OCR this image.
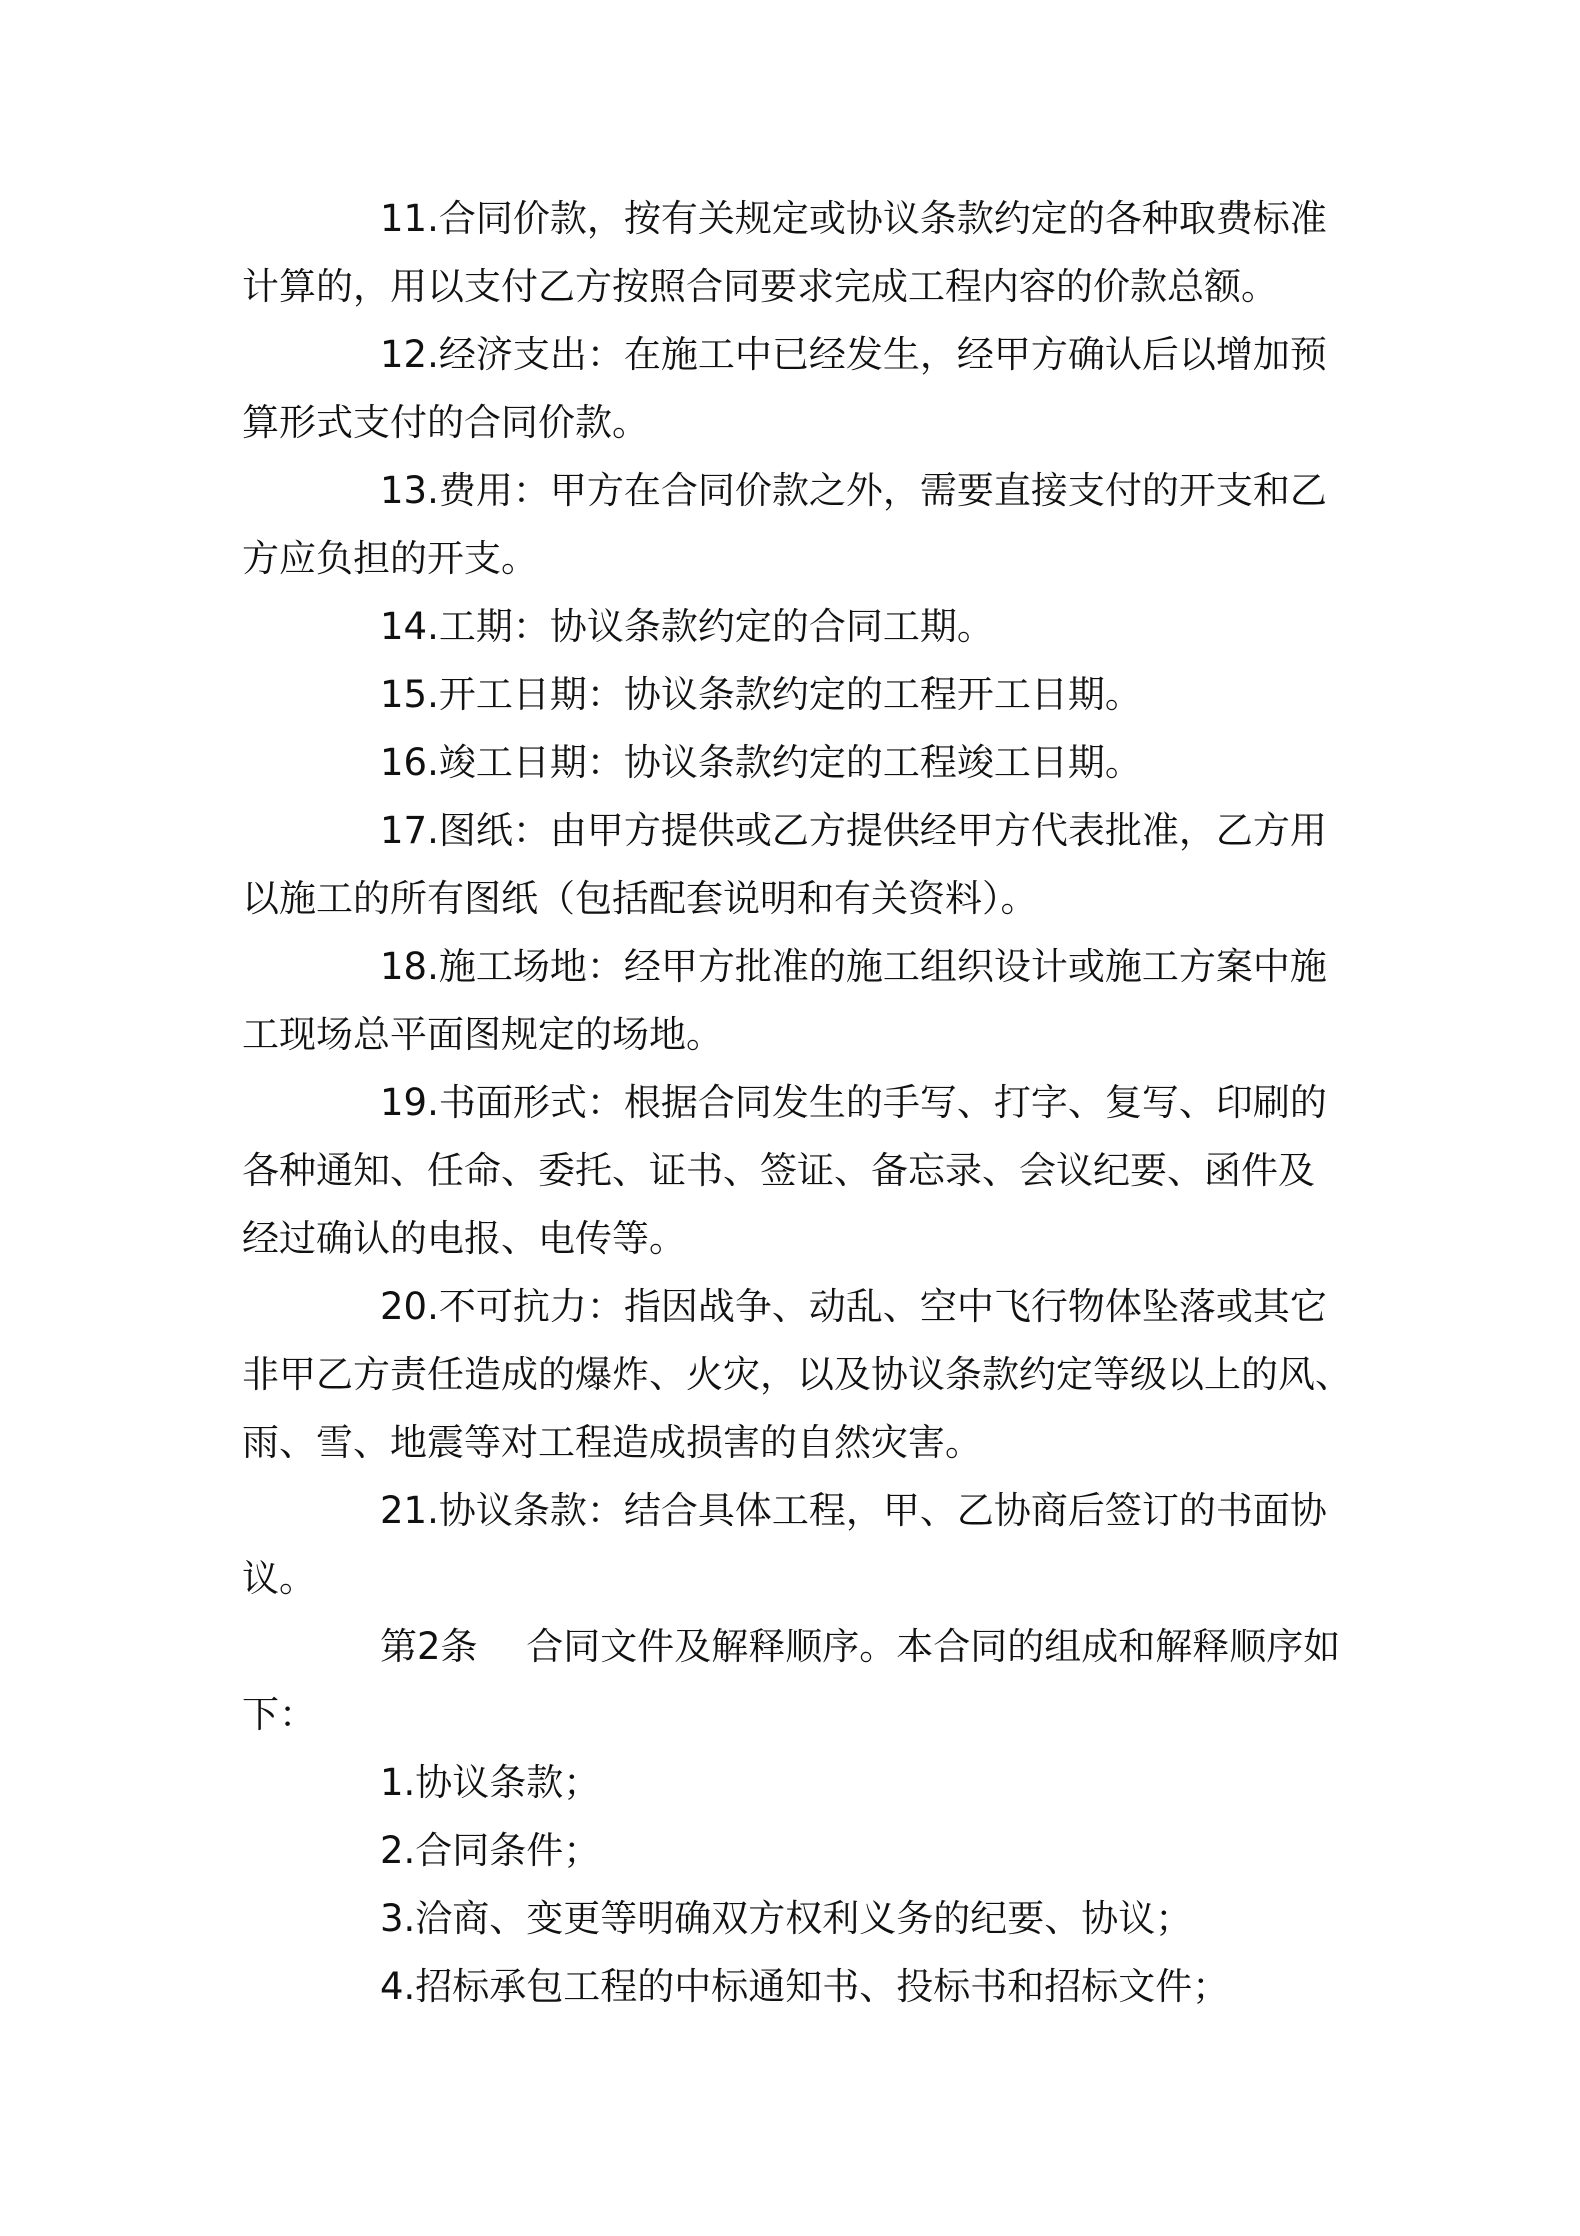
11.合同价款，按有关规定或协议条款约定的各种取费标准
计算的，用以支付乙方按照合同要求完成工程内容的价款总额。
12.经济支出：在施工中已经发生，经甲方确认后以增加预
算形式支付的合同价款。
13.费用：甲方在合同价款之外，需要直接支付的开支和乙
方应负担的开支。
14.工期：协议条款约定的合同工期。
15.开工日期：协议条款约定的工程开工日期。
16.竣工日期：协议条款约定的工程竣工日期。
17.图纸：由甲方提供或乙方提供经甲方代表批准，乙方用
以施工的所有图纸（包括配套说明和有关资料）。
18.施工场地：经甲方批准的施工组织设计或施工方案中施
工现场总平面图规定的场地。
19.书面形式：根据合同发生的手写、打字、复写、印刷的
各种通知、任命、委托、证书、签证、备忘录、会议纪要、函件及
经过确认的电报、电传等。
20.不可抗力：指因战争、动乱、空中飞行物体坠落或其它
非甲乙方责任造成的爆炸、火灾，以及协议条款约定等级以上的风、
雨、雪、地震等对工程造成损害的自然灾害。
21.协议条款：结合具体工程，甲、乙协商后签订的书面协
议。
第2条　 合同文件及解释顺序。本合同的组成和解释顺序如
下：
1.协议条款；
2.合同条件；
3.洽商、变更等明确双方权利义务的纪要、协议；
4.招标承包工程的中标通知书、投标书和招标文件；
